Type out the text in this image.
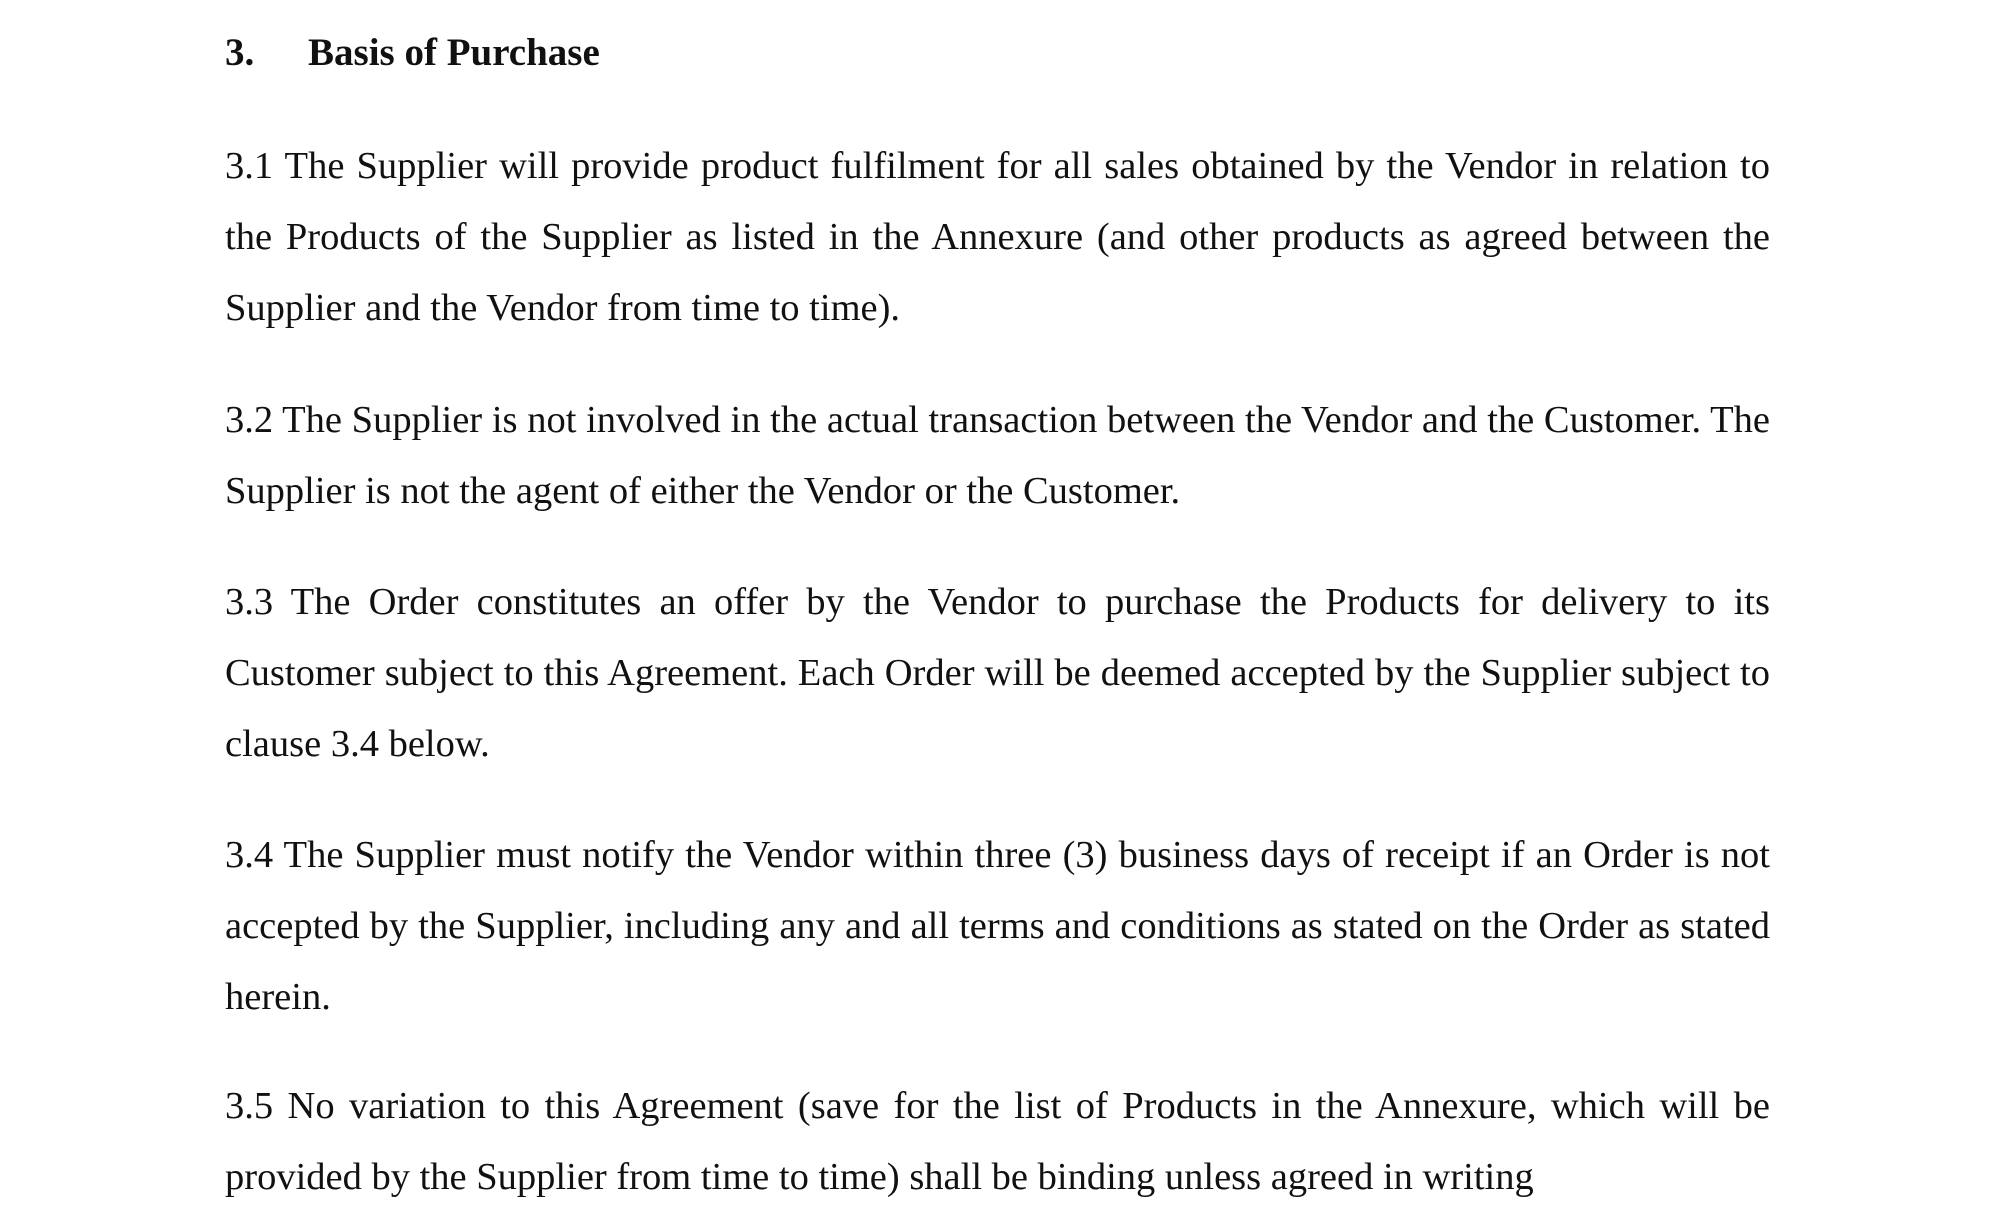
3. Basis of Purchase

3.1 The Supplier will provide product fulfilment for all sales obtained by the Vendor in relation to the Products of the Supplier as listed in the Annexure (and other products as agreed between the Supplier and the Vendor from time to time).

3.2 The Supplier is not involved in the actual transaction between the Vendor and the Customer. The Supplier is not the agent of either the Vendor or the Customer.

3.3 The Order constitutes an offer by the Vendor to purchase the Products for delivery to its Customer subject to this Agreement. Each Order will be deemed accepted by the Supplier subject to clause 3.4 below.

3.4 The Supplier must notify the Vendor within three (3) business days of receipt if an Order is not accepted by the Supplier, including any and all terms and conditions as stated on the Order as stated herein.

3.5 No variation to this Agreement (save for the list of Products in the Annexure, which will be provided by the Supplier from time to time) shall be binding unless agreed in writing
